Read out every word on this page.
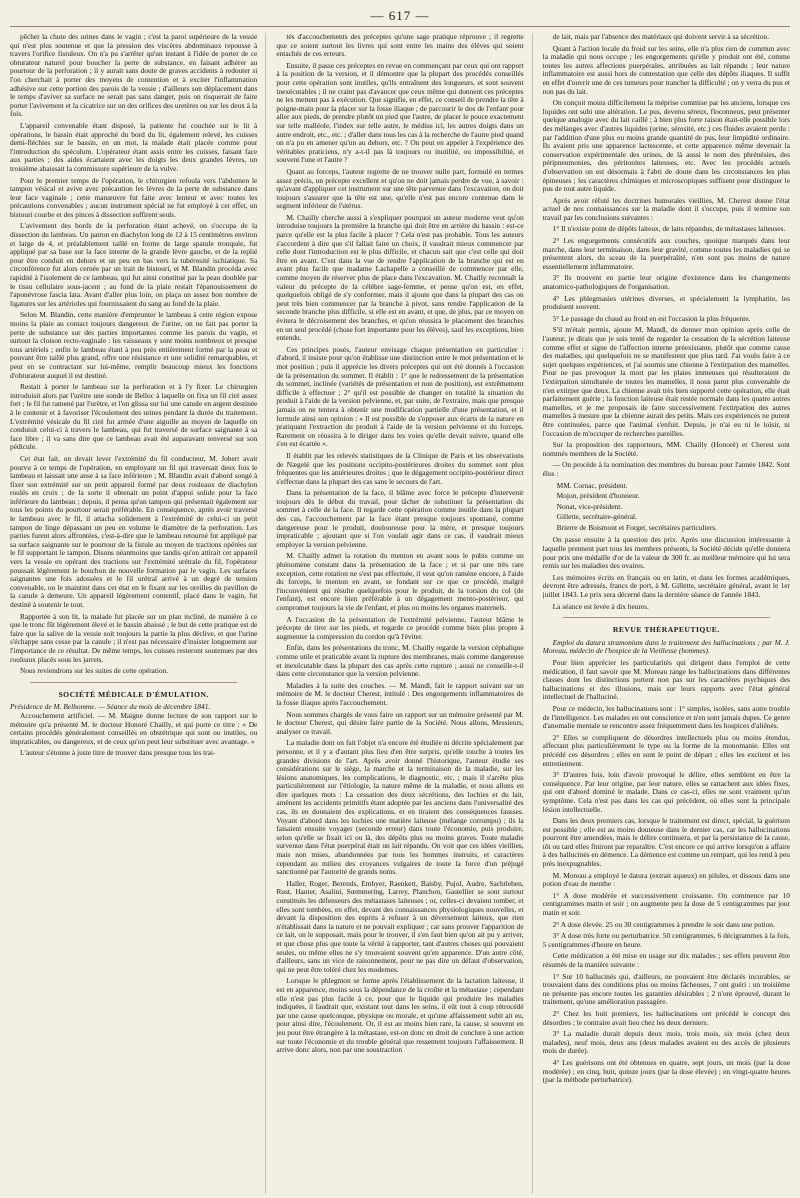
— 617 —

pêcher la chute des urines dans le vagin ; c'est la paroi supérieure de la vessie qui n'est plus soutenue et que la pression des viscères abdominaux repousse à travers l'orifice fistuleux. On n'a pu s'arrêter qu'un instant à l'idée de porter de ce obturateur naturel pour boucher la perte de substance, en faisant adhérer au pourtour de la perforation ; il y aurait sans doute de graves accidents à redouter si l'on cherchait à porter des moyens de contention et à exciter l'inflammation adhésive sur cette portion des parois de la vessie ; d'ailleurs son déplacement dans le temps d'aviver sa surface ne serait pas sans danger, puis on risquerait de faire porter l'avivement et la cicatrice sur un des orifices des uretères ou sur les deux à la fois.

L'appareil convenable étant disposé, la patiente fut couchée sur le lit à opérations, le bassin était approché du bord du lit, également relevé, les cuisses demi-fléchies sur le bassin, en un mot, la malade était placée comme pour l'introduction du spéculum. L'opérateur étant assis entre les cuisses, faisant face aux parties ; des aides écartaient avec les doigts les deux grandes lèvres, un troisième abaissait la commissure supérieure de la vulve.

Pour le premier temps de l'opération, le chirurgien refoula vers l'abdomen le tampon vésical et avive avec précaution les lèvres de la perte de substance dans leur face vaginale ; cette manœuvre fut faite avec lenteur et avec toutes les précautions convenables ; aucun instrument spécial ne fut employé à cet effet, un bistouri courbe et des pinces à dissection suffirent seuls.

L'avivement des bords de la perforation étant achevé, on s'occupa de la dissection du lambeau. Un patron en diachylon long de 12 à 15 centimètres environ et large de 4, et préalablement taillé en forme de large spatule tronquée, fut appliqué par sa base sur la face interne de la grande lèvre gauche, et de la replié pour être conduit en dehors et un peu en bas vers la tubérosité ischiatique. Sa circonférence fut alors cernée par un trait de bistouri, et M. Blandin procéda avec rapidité à l'isolement de ce lambeau, qui fut ainsi constitué par la peau doublée par le tissu cellulaire sous-jacent ; au fond de la plaie restait l'épanouissement de l'aponévrose fascia lata. Avant d'aller plus loin, on plaça un assez bon nombre de ligatures sur les artérioles qui fournissaient du sang au fond de la plaie.

Selon M. Blandin, cette manière d'emprunter le lambeau à cette région expose moins la plaie au contact toujours dangereux de l'urine, on ne fait pas porter la perte de substance sur des parties importantes comme les parois du vagin, et surtout la cloison recto-vaginale : les vaisseaux y sont moins nombreux et presque tous artériels ; enfin le lambeau étant à peu près entièrement formé par la peau et pouvant être taillé plus grand, offre une résistance et une solidité remarquables, et peut en se contractant sur lui-même, remplir beaucoup mieux les fonctions d'obturateur auquel il est destiné.

Restait à porter le lambeau sur la perforation et à l'y fixer. Le chirurgien introduisit alors par l'urètre une sonde de Belloc à laquelle on fixa un fil ciré assez fort ; le fil fut ramené par l'urètre, et l'on glissa sur lui une canule en argent destinée à le contenir et à favoriser l'écoulement des urines pendant la durée du traitement. L'extrémité vésicale du fil ciré fut armée d'une aiguille au moyen de laquelle on conduisit celui-ci à travers le lambeau, qui fut traversé de surface saignante à sa face libre ; il va sans dire que ce lambeau avait été auparavant renversé sur son pédicule.

Cet état fait, on devait lever l'extrémité du fil conducteur, M. Jobert avait pourvu à ce temps de l'opération, en employant un fil qui traversait deux fois le lambeau et laissait une anse à sa face inférieure ; M. Blandin avait d'abord songé à fixer son extrémité sur un petit appareil formé par deux rouleaux de diachylon roulés en croix ; de la sorte il obtenait un point d'appui solide pour la face inférieure du lambeau ; depuis, il pensa qu'un tampon qui présentait également sur tous les points du pourtour serait préférable. En conséquence, après avoir traversé le lambeau avec le fil, il attacha solidement à l'extrémité de celui-ci un petit tampon de linge dépassant un peu en volume le diamètre de la perforation. Les parties furent alors affrontées, c'est-à-dire que le lambeau retourné fut appliqué par sa surface saignante sur le pourtour de la fistule au moyen de tractions opérées sur le fil supportant le tampon. Disons néanmoins que tandis qu'on attirait cet appareil vers la vessie en opérant des tractions sur l'extrémité urétrale du fil, l'opérateur poussait légèrement le bouchon de nouvelle formation par le vagin. Les surfaces saignantes une fois adossées et le fil urétral arrivé à un degré de tension convenable, on le maintint dans cet état en le fixant sur les oreilles du pavillon de la canule à demeure. Un appareil légèrement contentif, placé dans le vagin, fut destiné à soutenir le tout.

Rapportée à son lit, la malade fut placée sur un plan incliné, de manière à ce que le tronc fût légèrement élevé et le bassin abaissé ; le but de cette pratique est de faire que la salive de la vessie soit toujours la partie la plus déclive, et que l'urine s'échappe sans cesse par la canule ; il n'est pas nécessaire d'insister longuement sur l'importance de ce résultat. De même temps, les cuisses resteront soutenues par des rouleaux placés sous les jarrets.

Nous reviendrons sur les suites de cette opération.

SOCIÉTÉ MÉDICALE D'ÉMULATION.
Présidence de M. Belhomme. — Séance du mois de décembre 1841.

Accouchement artificiel. — M. Maigne donne lecture de son rapport sur le mémoire qu'a présenté M. le docteur Honoré Chailly, et qui porte ce titre : « De certains procédés généralement conseillés en obstétrique qui sont ou inutiles, ou impraticables, ou dangereux, et de ceux qu'on peut leur substituer avec avantage. »

L'auteur s'étonne à juste titre de trouver dans presque tous les trai-

tés d'accouchements des préceptes qu'une sage pratique réprouve ; il regrette que ce soient surtout les livres qui sont entre les mains des élèves qui soient entachés de ces erreurs.

Ensuite, il passe ces préceptes en revue en commençant par ceux qui ont rapport à la position de la version, et il démontre que la plupart des procédés conseillés pour cette opération sont inutiles, qu'ils entraînent des longueurs, et sont souvent inexécutables ; il ne craint pas d'avancer que ceux même qui donnent ces préceptes ne les mettent pas à exécution. Que signifie, en effet, ce conseil de prendre la tête à poigne-main pour la placer sur la fosse iliaque ; de parcourir le dos de l'enfant pour aller aux pieds, de prendre plutôt un pied que l'autre, de placer le pouce exactement sur telle malléole, l'index sur telle autre, le médius ici, les autres doigts dans un autre endroit, etc., etc. ; d'aller dans tous les cas à la recherche de l'autre pied quand on n'a pu en amener qu'un au dehors, etc. ? On peut en appeler à l'expérience des véritables praticiens, n'y a-t-il pas là toujours ou inutilité, ou impossibilité, et souvent l'une et l'autre ?

Quant au forceps, l'auteur regrette de ne trouver nulle part, formulé en termes assez précis, un précepte excellent et qu'on ne doit jamais perdre de vue, à savoir : qu'avant d'appliquer cet instrument sur une tête parvenue dans l'excavation, on doit toujours s'assurer que la tête est une, qu'elle n'est pas encore contenue dans le segment inférieur de l'utérus.

M. Chailly cherche aussi à s'expliquer pourquoi un auteur moderne veut qu'on introduise toujours la première la branche qui doit être en arrière du bassin : est-ce parce qu'elle est la plus facile à placer ? Cela n'est pas probable. Tous les auteurs s'accordent à dire que s'il fallait faire un choix, il vaudrait mieux commencer par celle dont l'introduction est le plus difficile, et chacun sait que c'est celle qui doit être en avant. C'est dans la vue de rendre l'application de la branche qui est en avant plus facile que madame Lachapelle a conseillé de commencer par elle, comme moyen de réserver plus de place dans l'excavation. M. Chailly reconnaît la valeur du précepte de la célèbre sage-femme, et pense qu'on est, en effet, quelquefois obligé de s'y conformer, mais il ajoute que dans la plupart des cas on peut très bien commencer par la branche à pivot, sans rendre l'application de la seconde branche plus difficile, si elle est en avant, et que, de plus, par ce moyen on évitera le décroisement des branches, et qu'on réussira le placement des branches en un seul procédé (chose fort importante pour les élèves), sauf les exceptions, bien entendu.

Ces principes posés, l'auteur envisage chaque présentation en particulier : d'abord, il insiste pour qu'on établisse une distinction entre le mot présentation et le mot position ; puis il apprécie les divers préceptes qui ont été donnés à l'occasion de la présentation du sommet. Il établit : 1° que le redressement de la présentation du sommet, inclinée (variétés de présentation et non de position), est extrêmement difficile à effectuer ; 2° qu'il est possible de changer en totalité la situation du produit à l'aide de la version pelvienne, et, par suite, de l'extraire, mais que presque jamais on ne tentera à obtenir une modification partielle d'une présentation, et il formule ainsi son opinion : « Il est possible de s'opposer aux écarts de la nature en pratiquant l'extraction du produit à l'aide de la version pelvienne et du forceps. Rarement on réussira à le diriger dans les voies qu'elle devait suivre, quand elle s'en est écartée ».

Il établit par les relevés statistiques de la Clinique de Paris et les observations de Nægelé que les positions occipito-postérieures droites du sommet sont plus fréquentes que les antérieures droites ; que le dégagement occipito-postérieur direct s'effectue dans la plupart des cas sans le secours de l'art.

Dans la présentation de la face, il blâme avec force le précepte d'intervenir toujours dès le début du travail, pour tâcher de substituer la présentation du sommet à celle de la face. Il regarde cette opération comme inutile dans la plupart des cas, l'accouchement par la face étant presque toujours spontané, comme dangereuse pour le produit, douloureuse pour la mère, et presque toujours impraticable ; ajoutant que si l'on voulait agir dans ce cas, il vaudrait mieux employer la version pelvienne.

M. Chailly admet la rotation du menton en avant sous le pubis comme un phénomène constant dans la présentation de la face ; et si par une très rare exception, cette rotation ne s'est pas effectuée, il veut qu'on ramène encore, à l'aide du forceps, le menton en avant, se fondant sur ce que ce procédé, malgré l'inconvénient qui résulte quelquefois pour le produit, de la torsion du col (de l'enfant), est encore bien préférable à un dégagement mento-postérieur, qui compromet toujours la vie de l'enfant, et plus ou moins les organes maternels.

A l'occasion de la présentation de l'extrémité pelvienne, l'auteur blâme le précepte de tirer sur les pieds, et regarde ce procédé comme bien plus propre à augmenter la compression du cordon qu'à l'éviter.

Enfin, dans les présentations du tronc, M. Chailly regarde la version céphalique comme utile et praticable avant la rupture des membranes, mais comme dangereuse et inexécutable dans la plupart des cas après cette rupture ; aussi ne conseille-t-il dans cette circonstance que la version pelvienne.

Maladies à la suite des couches. — M. Mandl, fait le rapport suivant sur un mémoire de M. le docteur Cherest, intitulé : Des engorgements inflammatoires de la fosse iliaque après l'accouchement.

Nous sommes chargés de vous faire un rapport sur un mémoire présenté par M. le docteur Cherest, qui désire faire partie de la Société. Nous allons, Messieurs, analyser ce travail.

La maladie dont on fait l'objet n'a encore été étudiée ni décrite spécialement par personne, et il y a d'autant plus lieu d'en être surpris, qu'elle touche à toutes les grandes divisions de l'art. Après avoir donné l'historique, l'auteur étudie ses considérations sur le siège, la marche et la terminaison de la maladie, sur les lésions anatomiques, les complications, le diagnostic, etc. ; mais il s'arrête plus particulièrement sur l'étiologie, la nature même de la maladie, et nous allons en dire quelques mots : La cessation des deux sécrétions, des lochies et du lait, amènent les accidents primitifs étant adoptée par les anciens dans l'universalité des cas, ils en donnaient des explications, et en tiraient des conséquences fausses. Voyant d'abord dans les lochies une matière laiteuse (mélange corrompu) ; ils la faisaient ensuite voyager (seconde erreur) dans toute l'économie, puis produire, selon qu'elle se fixait ici ou là, des dépôts plus ou moins graves. Toute maladie survenue dans l'état puerpéral était un lait répandu. On voit que ces idées vieillies, mais non mises, abandonnées par tous les hommes instruits, et caractères cependant au milieu des croyances vulgaires de toute la force d'un préjugé sanctionné par l'autorité de grands noms.

Haller, Roger, Berends, Embyer, Raenkert, Baisby, Pujol, Audre, Sachtleben, Rust, Hauter, Asalini, Sœmmering, Larrey, Planchon, Gastellier se sont surtout constitués les défenseurs des métastases laiteuses ; or, celles-ci devaient tomber, et elles sont tombées, en effet, devant des connaissances physiologiques nouvelles, et devant la disposition des esprits à refuser à un déversement laiteux, que rien n'établissait dans la nature et ne pouvait expliquer ; car sans prouver l'apparition de ce lait, on le supposait, mais pour le trouver, il s'en faut bien qu'on ait pu y arriver, et que chose plus que toute la vérité à rapporter, tant d'autres choses qui pouvaient seules, ou même elles ne s'y trouvaient souvent qu'en apparence. D'un autre côté, d'ailleurs, sans un vice de raisonnement, pour ne pas dire un défaut d'observation, qui ne peut être toléré chez les modernes.

Lorsque le phlegmon se forme après l'établissement de la lactation laiteuse, il est en apparence, moins sous la dépendance de la croûte et la métastase ; cependant elle n'est pas plus facile à ce, pour que le liquide qui produire les maladies indiquées, il faudrait que, existant tout dans les seins, il eût tout à coup rétrocédé par une cause quelconque, physique ou morale, et qu'une affaissement subit ait eu, pour ainsi dire, l'écoulement. Or, il est au moins bien rare, la cause, si souvent en jeu pour être étrangère à la métastase, est-on donc en droit de conclure à une action sur toute l'économie et du trouble général que ressentent toujours l'affaissement. Il arrive donc alors, non par une soustraction

de lait, mais par l'absence des matériaux qui doivent servir à sa sécrétion.

Quant à l'action locale du froid sur les seins, elle n'a plus rien de commun avec la maladie qui nous occupe ; les engorgements qu'elle y produit ont été, comme toutes les autres affections puerpérales, attribuées au lait répandu ; leur nature inflammatoire est aussi hors de contestation que celle des dépôts iliaques. Il suffit en effet d'ouvrir une de ces tumeurs pour trancher la difficulté ; on y verra du pus et non pas du lait.

On conçoit moins difficilement la méprise commise par les anciens, lorsque ces liquides ont subi une altération. Le pus, devenu séreux, floconneux, peut présenter quelque analogie avec du lait caillé ; à bien plus forte raison était-elle possible lors des mélanges avec d'autres liquides (urine, sérosité, etc.) ces fluides avaient perdu : par l'addition d'une plus ou moins grande quantité de pus, leur limpidité ordinaire. Ils avaient pris une apparence lactescente, et cette apparence même devenait la conservation expérimentale des urines, de là aussi le nom des phrénésies, des péripneumonies, des péritonites laiteuses, etc. Avec les procédés actuels d'observation on est désormais à l'abri de doute dans les circonstances les plus épineuses ; les caractères chimiques et microscopiques suffisent pour distinguer le pus de tout autre liquide.

Après avoir réfuté les doctrines humorales vieillies, M. Cherest donne l'état actuel de nos connaissances sur la maladie dont il s'occupe, puis il termine son travail par les conclusions suivantes :

1° Il n'existe point de dépôts laiteux, de laits répandus, de métastases laiteuses.

2° Les engorgements consécutifs aux couches, quoique marqués dans leur marche, dans leur terminaison, dans leur gravité, comme toutes les maladies qui se présentent alors, du sceau de la puerpéralité, n'en sont pas moins de nature essentiellement inflammatoire.

3° Ils trouvent en partie leur origine d'existence dans les changements anatomico-pathologiques de l'organisation.

4° Les phlegmasies utérines diverses, et spécialement la lymphatite, les produisent souvent.

5° Le passage du chaud au froid en est l'occasion la plus fréquente.

S'il m'était permis, ajoute M. Mandl, de donner mon opinion après celle de l'auteur, je dirais que je suis tenté de regarder la cessation de la sécrétion laiteuse comme effet et signe de l'affection interne préexistante, plutôt que comme cause des maladies, qui quelquefois ne se manifestent que plus tard. J'ai voulu faire à ce sujet quelques expériences, et j'ai soumis une chienne à l'extirpation des mamelles. Pour ne pas provoquer la mort par les plaies immenses qui résulteraient de l'extirpation simultanée de toutes les mamelles, il nous parut plus convenable de n'en extirper que deux. La chienne avait très bien supporté cette opération, elle était parfaitement guérie ; la fonction laiteuse était restée normale dans les quatre autres mamelles, et je me proposais de faire successivement l'extirpation des autres mamelles à mesure que la chienne aurait des petits. Mais ces expériences ne purent être continuées, parce que l'animal s'enfuit. Depuis, je n'ai eu ni le loisir, ni l'occasion de m'occuper de recherches pareilles.

Sur la proposition des rapporteurs, MM. Chailly (Honoré) et Cherest sont nommés membres de la Société.

— On procède à la nomination des membres du bureau pour l'année 1842. Sont élus :

MM. Cornac, président.
Mojon, président d'honneur.
Nonat, vice-président.
Gillette, secrétaire-général.
Brierre de Boismont et Forget, secrétaires particuliers.

On passe ensuite à la question des prix. Après une discussion intéressante à laquelle prennent part tous les membres présents, la Société décide qu'elle donnera pour prix une médaille d'or de la valeur de 300 fr. au meilleur mémoire qui lui sera remis sur les maladies des ovaires.

Les mémoires écrits en français ou en latin, et dans les formes académiques, devront être adressés, francs de port, à M. Gillette, secrétaire général, avant le 1er juillet 1843. Le prix sera décerné dans la dernière séance de l'année 1843.

La séance est levée à dix heures.

REVUE THÉRAPEUTIQUE.

Emploi du datura stramonium dans le traitement des hallucinations ; par M. J. Moreau, médecin de l'hospice de la Vieillesse (hommes).

Pour bien apprécier les particularités qui dirigent dans l'emploi de cette médication, il faut savoir que M. Moreau range les hallucinations dans différentes classes dont les distinctions portent non pas sur les caractères psychiques des hallucinations et des illusions, mais sur leurs rapports avec l'état général intellectuel de l'halluciné.

Pour ce médecin, les hallucinations sont : 1° simples, isolées, sans autre trouble de l'intelligence. Les malades en ont conscience et n'en sont jamais dupes. Ce genre d'anomalie mentale se rencontre assez fréquemment dans les hospices d'aliénés.

2° Elles se compliquent de désordres intellectuels plus ou moins étendus, affectant plus particulièrement le type ou la forme de la monomanie. Elles ont précédé ces désordres ; elles en sont le point de départ ; elles les excitent et les entretiennent.

3° D'autres fois, loin d'avoir provoqué le délire, elles semblent en être la conséquence. Par leur origine, par leur nature, elles se rattachent aux idées fixes, qui ont d'abord dominé le malade. Dans ce cas-ci, elles ne sont vraiment qu'un symptôme. Cela n'est pas dans les cas qui précèdent, où elles sont la principale lésion intellectuelle.

Dans les deux premiers cas, lorsque le traitement est direct, spécial, la guérison est possible ; elle est au moins douteuse dans le dernier cas, car les hallucinations pourront être amendées, mais le délire continuera, et par la persistance de la cause, tôt ou tard elles finiront par reparaître. C'est encore ce qui arrive lorsqu'on a affaire à des hallucinés en démence. La démence est comme un rempart, qui les rend à peu près inexpugnables.

M. Moreau a employé le datura (extrait aqueux) en pilules, et dissous dans une potion d'eau de menthe :

1° A dose modérée et successivement croissante. On commence par 10 centigrammes matin et soir ; on augmente peu la dose de 5 centigrammes par jour matin et soir.

2° A dose élevée. 25 ou 30 centigrammes à prendre le soir dans une potion.

3° A dose très forte ou perturbatrice. 50 centigrammes, 6 décigrammes à la fois, 5 centigrammes d'heure en heure.

Cette médication a été mise en usage sur dix malades ; ses effets peuvent être résumés de la manière suivante :

1° Sur 10 hallucinés qui, d'ailleurs, ne pouvaient être déclarés incurables, se trouvaient dans des conditions plus ou moins fâcheuses, 7 ont guéri : un troisième ne présente pas encore toutes les garanties désirables ; 2 n'ont éprouvé, durant le traitement, qu'une amélioration passagère.

2° Chez les huit premiers, les hallucinations ont précédé le concept des désordres ; le contraire avait lieu chez les deux derniers.

3° La maladie durait depuis deux mois, trois mois, six mois (chez deux malades), neuf mois, deux ans (deux malades avaient eu des accès de plusieurs mois de durée).

4° Les guérisons ont été obtenues en quatre, sept jours, un mois (par la dose modérée) ; en cinq, huit, quinze jours (par la dose élevée) ; en vingt-quatre heures (par la méthode perturbatrice).
